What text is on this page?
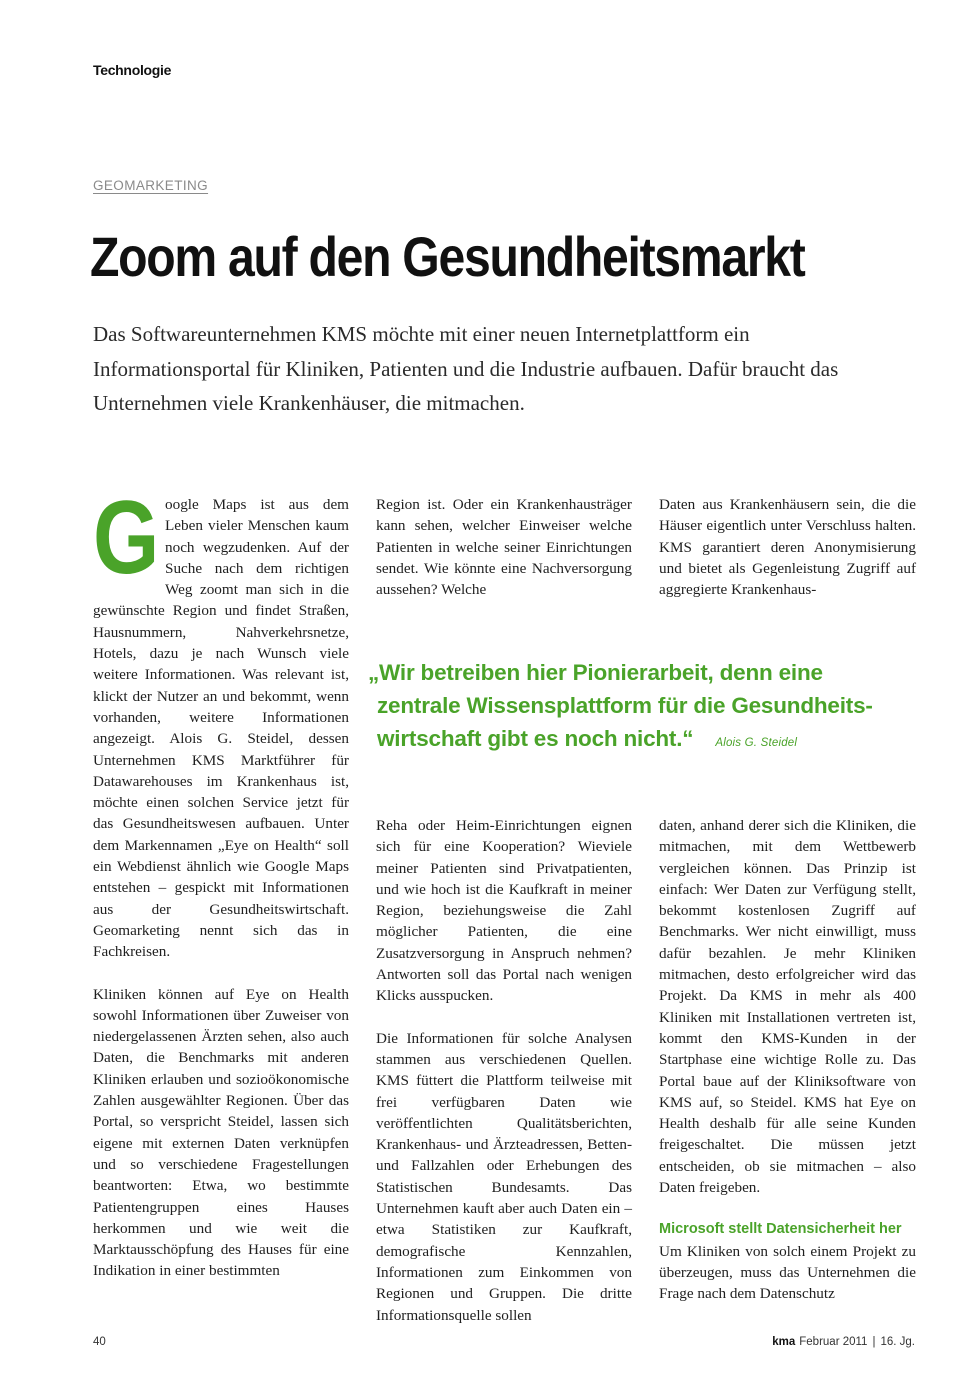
Technologie
GEOMARKETING
Zoom auf den Gesundheitsmarkt

Das Softwareunternehmen KMS möchte mit einer neuen Internetplattform ein Informationsportal für Kliniken, Patienten und die Industrie aufbauen. Dafür braucht das Unternehmen viele Krankenhäuser, die mitmachen.

Google Maps ist aus dem Leben vieler Menschen kaum noch wegzudenken. Auf der Suche nach dem richtigen Weg zoomt man sich in die gewünschte Region und findet Straßen, Hausnummern, Nahverkehrsnetze, Hotels, dazu je nach Wunsch viele weitere Informationen. Was relevant ist, klickt der Nutzer an und bekommt, wenn vorhanden, weitere Informationen angezeigt. Alois G. Steidel, dessen Unternehmen KMS Marktführer für Datawarehouses im Krankenhaus ist, möchte einen solchen Service jetzt für das Gesundheitswesen aufbauen. Unter dem Markennamen „Eye on Health“ soll ein Webdienst ähnlich wie Google Maps entstehen – gespickt mit Informationen aus der Gesundheitswirtschaft. Geomarketing nennt sich das in Fachkreisen.

Kliniken können auf Eye on Health sowohl Informationen über Zuweiser von niedergelassenen Ärzten sehen, also auch Daten, die Benchmarks mit anderen Kliniken erlauben und sozioökonomische Zahlen ausgewählter Regionen. Über das Portal, so verspricht Steidel, lassen sich eigene mit externen Daten verknüpfen und so verschiedene Fragestellungen beantworten: Etwa, wo bestimmte Patientengruppen eines Hauses herkommen und wie weit die Marktausschöpfung des Hauses für eine Indikation in einer bestimmten

Region ist. Oder ein Krankenhausträger kann sehen, welcher Einweiser welche Patienten in welche seiner Einrichtungen sendet. Wie könnte eine Nachversorgung aussehen? Welche

Daten aus Krankenhäusern sein, die die Häuser eigentlich unter Verschluss halten. KMS garantiert deren Anonymisierung und bietet als Gegenleistung Zugriff auf aggregierte Krankenhaus-

„Wir betreiben hier Pionierarbeit, denn eine
zentrale Wissensplattform für die Gesundheits-
wirtschaft gibt es noch nicht.“ Alois G. Steidel

Reha oder Heim-Einrichtungen eignen sich für eine Kooperation? Wieviele meiner Patienten sind Privatpatienten, und wie hoch ist die Kaufkraft in meiner Region, beziehungsweise die Zahl möglicher Patienten, die eine Zusatzversorgung in Anspruch nehmen? Antworten soll das Portal nach wenigen Klicks ausspucken.

Die Informationen für solche Analysen stammen aus verschiedenen Quellen. KMS füttert die Plattform teilweise mit frei verfügbaren Daten wie veröffentlichten Qualitätsberichten, Krankenhaus- und Ärzteadressen, Betten- und Fallzahlen oder Erhebungen des Statistischen Bundesamts. Das Unternehmen kauft aber auch Daten ein – etwa Statistiken zur Kaufkraft, demografische Kennzahlen, Informationen zum Einkommen von Regionen und Gruppen. Die dritte Informationsquelle sollen

daten, anhand derer sich die Kliniken, die mitmachen, mit dem Wettbewerb vergleichen können. Das Prinzip ist einfach: Wer Daten zur Verfügung stellt, bekommt kostenlosen Zugriff auf Benchmarks. Wer nicht einwilligt, muss dafür bezahlen. Je mehr Kliniken mitmachen, desto erfolgreicher wird das Projekt. Da KMS in mehr als 400 Kliniken mit Installationen vertreten ist, kommt den KMS-Kunden in der Startphase eine wichtige Rolle zu. Das Portal baue auf der Kliniksoftware von KMS auf, so Steidel. KMS hat Eye on Health deshalb für alle seine Kunden freigeschaltet. Die müssen jetzt entscheiden, ob sie mitmachen – also Daten freigeben.

Microsoft stellt Datensicherheit her

Um Kliniken von solch einem Projekt zu überzeugen, muss das Unternehmen die Frage nach dem Datenschutz

40	kma Februar 2011 | 16. Jg.
